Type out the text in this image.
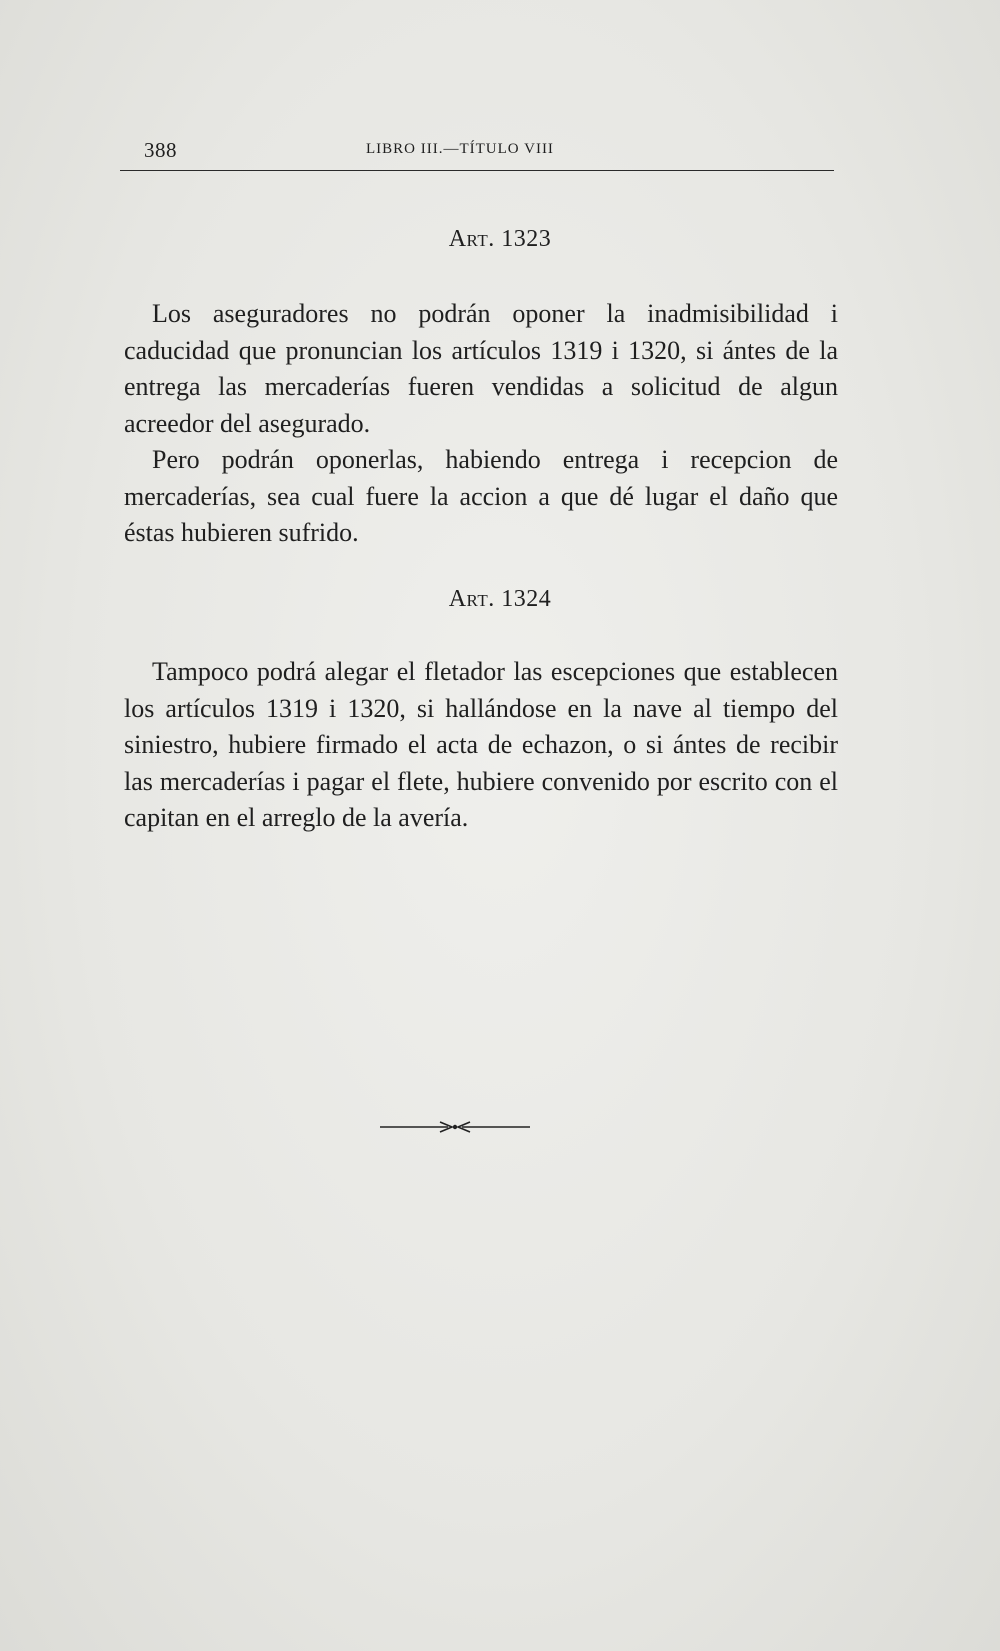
388	LIBRO III.—TÍTULO VIII
Art. 1323

Los aseguradores no podrán oponer la inadmisibilidad i caducidad que pronuncian los artículos 1319 i 1320, si ántes de la entrega las mercaderías fueren vendidas a solicitud de algun acreedor del asegurado.

Pero podrán oponerlas, habiendo entrega i recepcion de mercaderías, sea cual fuere la accion a que dé lugar el daño que éstas hubieren sufrido.

Art. 1324

Tampoco podrá alegar el fletador las escepciones que establecen los artículos 1319 i 1320, si hallándose en la nave al tiempo del siniestro, hubiere firmado el acta de echazon, o si ántes de recibir las mercaderías i pagar el flete, hubiere convenido por escrito con el capitan en el arreglo de la avería.
